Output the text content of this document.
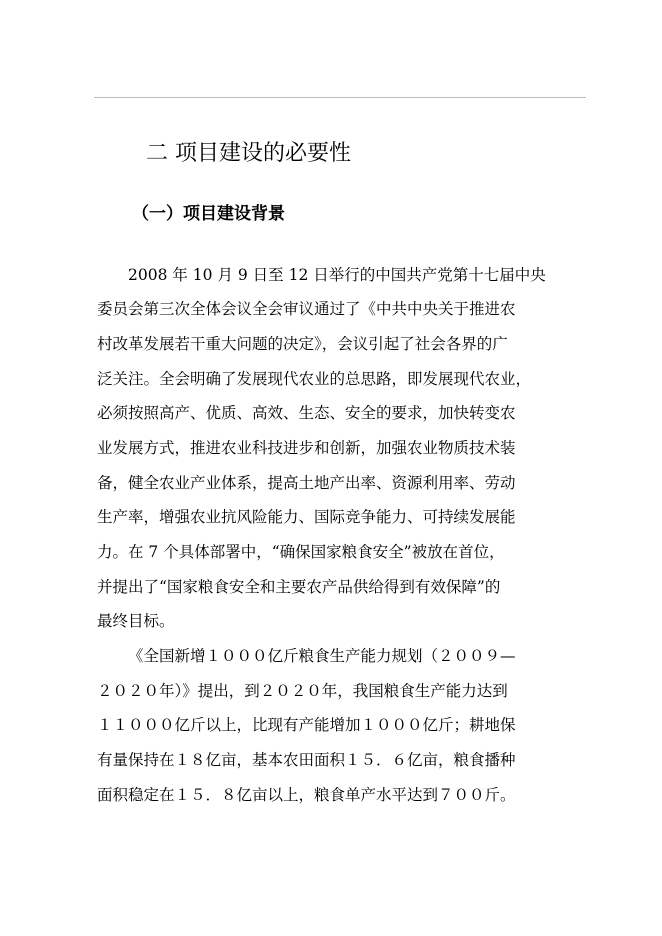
二 项目建设的必要性
（一）项目建设背景
2008 年 10 月 9 日至 12 日举行的中国共产党第十七届中央
委员会第三次全体会议全会审议通过了《中共中央关于推进农
村改革发展若干重大问题的决定》，会议引起了社会各界的广
泛关注。全会明确了发展现代农业的总思路，即发展现代农业，
必须按照高产、优质、高效、生态、安全的要求，加快转变农
业发展方式，推进农业科技进步和创新，加强农业物质技术装
备，健全农业产业体系，提高土地产出率、资源利用率、劳动
生产率，增强农业抗风险能力、国际竞争能力、可持续发展能
力。在 7 个具体部署中，“确保国家粮食安全”被放在首位，
并提出了“国家粮食安全和主要农产品供给得到有效保障”的
最终目标。
《全国新增１０００亿斤粮食生产能力规划（２００９—
２０２０年）》提出，到２０２０年，我国粮食生产能力达到
１１０００亿斤以上，比现有产能增加１０００亿斤；耕地保
有量保持在１８亿亩，基本农田面积１５．６亿亩，粮食播种
面积稳定在１５．８亿亩以上，粮食单产水平达到７００斤。
